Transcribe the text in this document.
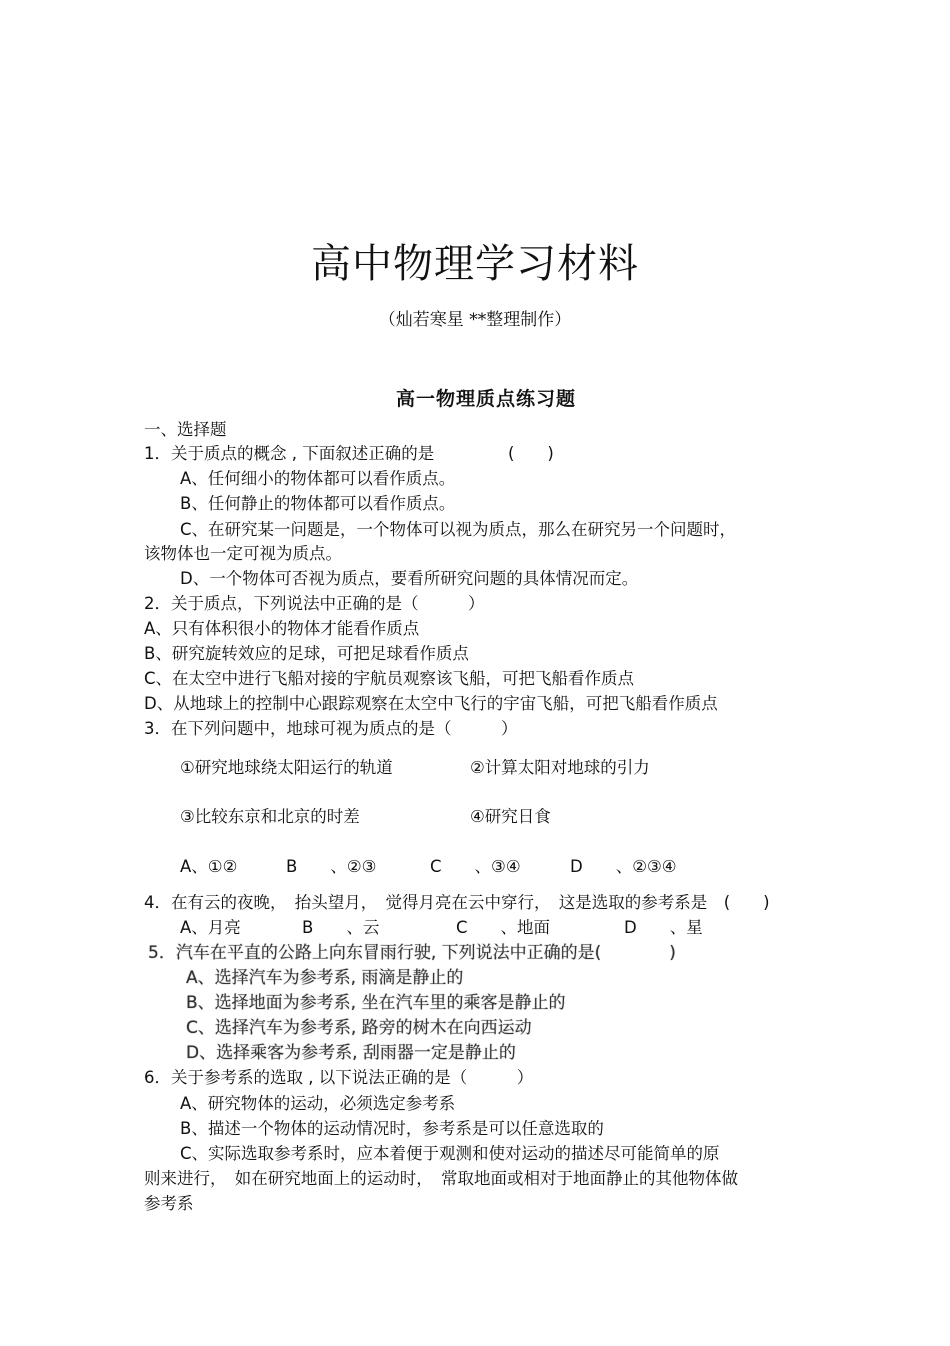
高中物理学习材料
（灿若寒星 **整理制作）
高一物理质点练习题
一、选择题
1．关于质点的概念 , 下面叙述正确的是	(　　)
A、任何细小的物体都可以看作质点。
B、任何静止的物体都可以看作质点。
C、在研究某一问题是，一个物体可以视为质点，那么在研究另一个问题时，
该物体也一定可视为质点。
D、一个物体可否视为质点，要看所研究问题的具体情况而定。
2．关于质点，下列说法中正确的是（　　　）
A、只有体积很小的物体才能看作质点
B、研究旋转效应的足球，可把足球看作质点
C、在太空中进行飞船对接的宇航员观察该飞船，可把飞船看作质点
D、从地球上的控制中心跟踪观察在太空中飞行的宇宙飞船，可把飞船看作质点
3．在下列问题中，地球可视为质点的是（　　　）
①研究地球绕太阳运行的轨道	②计算太阳对地球的引力
③比较东京和北京的时差	④研究日食
A、①②	B　　、②③	C　　、③④	D　　、②③④
4．在有云的夜晚，　抬头望月，　觉得月亮在云中穿行，　这是选取的参考系是　(　　)
A、月亮	B　　、云	C　　、地面	D　　、星
5．汽车在平直的公路上向东冒雨行驶, 下列说法中正确的是(　　　　)
A、选择汽车为参考系, 雨滴是静止的
B、选择地面为参考系, 坐在汽车里的乘客是静止的
C、选择汽车为参考系, 路旁的树木在向西运动
D、选择乘客为参考系, 刮雨器一定是静止的
6．关于参考系的选取 , 以下说法正确的是（　　　）
A、研究物体的运动，必须选定参考系
B、描述一个物体的运动情况时，参考系是可以任意选取的
C、实际选取参考系时，应本着便于观测和使对运动的描述尽可能简单的原
则来进行，　如在研究地面上的运动时，　常取地面或相对于地面静止的其他物体做
参考系
